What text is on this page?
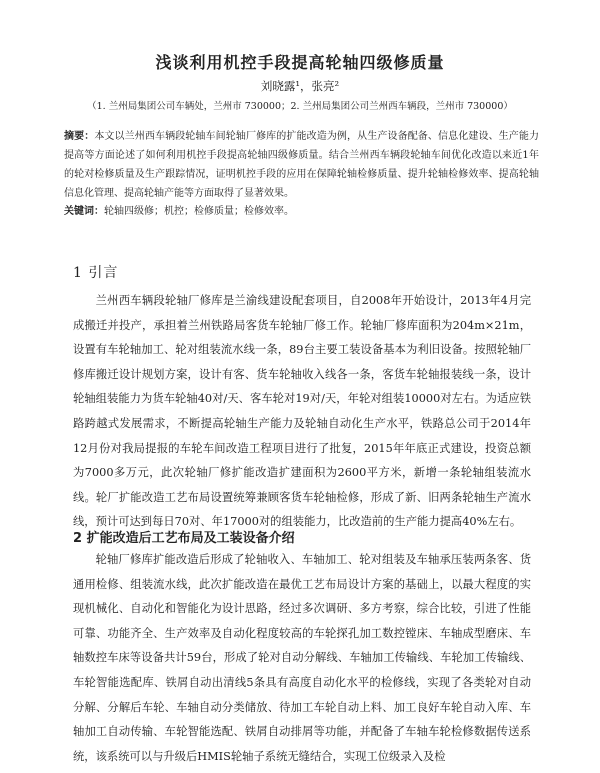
浅谈利用机控手段提高轮轴四级修质量
刘晓露¹，张亮²
（1. 兰州局集团公司车辆处，兰州市 730000；2. 兰州局集团公司兰州西车辆段，兰州市 730000）
摘要：本文以兰州西车辆段轮轴车间轮轴厂修库的扩能改造为例，从生产设备配备、信息化建设、生产能力提高等方面论述了如何利用机控手段提高轮轴四级修质量。结合兰州西车辆段轮轴车间优化改造以来近1年的轮对检修质量及生产跟踪情况，证明机控手段的应用在保障轮轴检修质量、提升轮轴检修效率、提高轮轴信息化管理、提高轮轴产能等方面取得了显著效果。
关键词：轮轴四级修；机控；检修质量；检修效率。
1 引言
兰州西车辆段轮轴厂修库是兰渝线建设配套项目，自2008年开始设计，2013年4月完成搬迁并投产，承担着兰州铁路局客货车轮轴厂修工作。轮轴厂修库面积为204m×21m，设置有车轮轴加工、轮对组装流水线一条，89台主要工装设备基本为利旧设备。按照轮轴厂修库搬迁设计规划方案，设计有客、货车轮轴收入线各一条，客货车轮轴报装线一条，设计轮轴组装能力为货车轮轴40对/天、客车轮对19对/天，年轮对组装10000对左右。为适应铁路跨越式发展需求，不断提高轮轴生产能力及轮轴自动化生产水平，铁路总公司于2014年12月份对我局提报的车轮车间改造工程项目进行了批复，2015年年底正式建设，投资总额为7000多万元，此次轮轴厂修扩能改造扩建面积为2600平方米，新增一条轮轴组装流水线。轮厂扩能改造工艺布局设置统筹兼顾客货车轮轴检修，形成了新、旧两条轮轴生产流水线，预计可达到每日70对、年17000对的组装能力，比改造前的生产能力提高40%左右。
2 扩能改造后工艺布局及工装设备介绍
轮轴厂修库扩能改造后形成了轮轴收入、车轴加工、轮对组装及车轴承压装两条客、货通用检修、组装流水线，此次扩能改造在最优工艺布局设计方案的基础上，以最大程度的实现机械化、自动化和智能化为设计思路，经过多次调研、多方考察，综合比较，引进了性能可靠、功能齐全、生产效率及自动化程度较高的车轮探孔加工数控镗床、车轴成型磨床、车轴数控车床等设备共计59台，形成了轮对自动分解线、车轴加工传输线、车轮加工传输线、车轮智能选配库、铁屑自动出清线5条具有高度自动化水平的检修线，实现了各类轮对自动分解、分解后车轮、车轴自动分类储放、待加工车轮自动上料、加工良好车轮自动入库、车轴加工自动传输、车轮智能选配、铁屑自动排屑等功能，并配备了车轴车轮检修数据传送系统，该系统可以与升级后HMIS轮轴子系统无缝结合，实现工位级录入及检
